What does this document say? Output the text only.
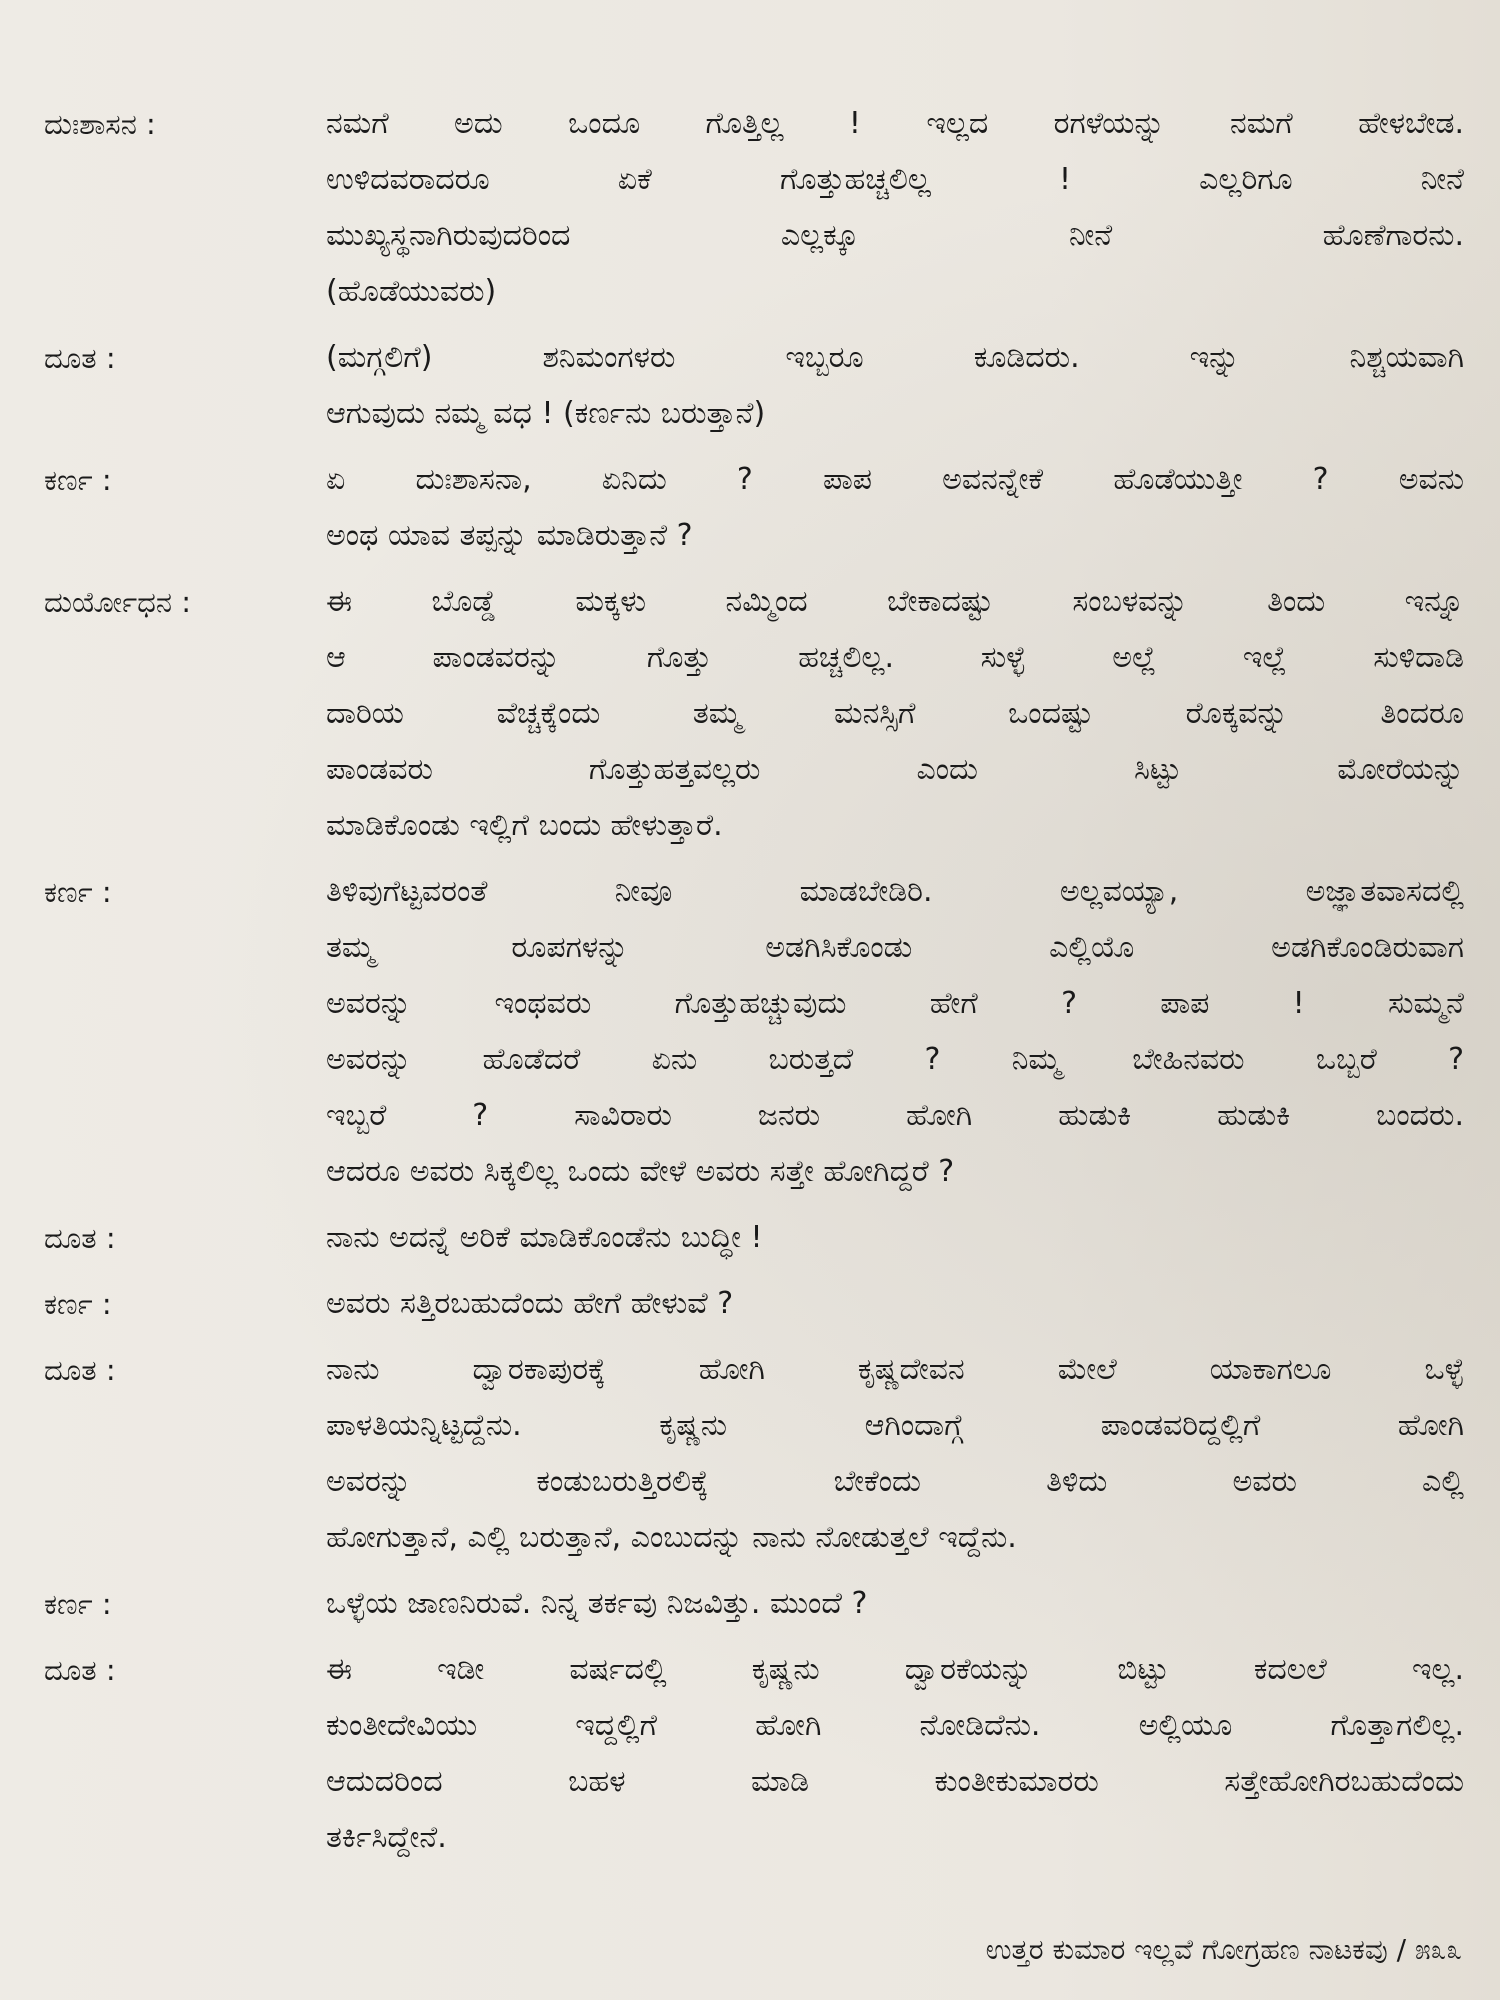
ದುಃಶಾಸನ :	ನಮಗೆ ಅದು ಒಂದೂ ಗೊತ್ತಿಲ್ಲ ! ಇಲ್ಲದ ರಗಳೆಯನ್ನು ನಮಗೆ ಹೇಳಬೇಡ.
ಉಳಿದವರಾದರೂ ಏಕೆ ಗೊತ್ತುಹಚ್ಚಲಿಲ್ಲ ! ಎಲ್ಲರಿಗೂ ನೀನೆ
ಮುಖ್ಯಸ್ಥನಾಗಿರುವುದರಿಂದ ಎಲ್ಲಕ್ಕೂ ನೀನೆ ಹೊಣೆಗಾರನು.
(ಹೊಡೆಯುವರು)
ದೂತ :	(ಮಗ್ಗಲಿಗೆ) ಶನಿಮಂಗಳರು ಇಬ್ಬರೂ ಕೂಡಿದರು. ಇನ್ನು ನಿಶ್ಚಯವಾಗಿ
ಆಗುವುದು ನಮ್ಮ ವಧ ! (ಕರ್ಣನು ಬರುತ್ತಾನೆ)
ಕರ್ಣ :	ಏ ದುಃಶಾಸನಾ, ಏನಿದು ? ಪಾಪ ಅವನನ್ನೇಕೆ ಹೊಡೆಯುತ್ತೀ ? ಅವನು
ಅಂಥ ಯಾವ ತಪ್ಪನ್ನು ಮಾಡಿರುತ್ತಾನೆ ?
ದುರ್ಯೋಧನ :	ಈ ಬೊಡ್ಡೆ ಮಕ್ಕಳು ನಮ್ಮಿಂದ ಬೇಕಾದಷ್ಟು ಸಂಬಳವನ್ನು ತಿಂದು ಇನ್ನೂ
ಆ ಪಾಂಡವರನ್ನು ಗೊತ್ತು ಹಚ್ಚಲಿಲ್ಲ. ಸುಳ್ಳೆ ಅಲ್ಲೆ ಇಲ್ಲೆ ಸುಳಿದಾಡಿ
ದಾರಿಯ ವೆಚ್ಚಕ್ಕೆಂದು ತಮ್ಮ ಮನಸ್ಸಿಗೆ ಒಂದಷ್ಟು ರೊಕ್ಕವನ್ನು ತಿಂದರೂ
ಪಾಂಡವರು ಗೊತ್ತುಹತ್ತವಲ್ಲರು ಎಂದು ಸಿಟ್ಟು ಮೋರೆಯನ್ನು
ಮಾಡಿಕೊಂಡು ಇಲ್ಲಿಗೆ ಬಂದು ಹೇಳುತ್ತಾರೆ.
ಕರ್ಣ :	ತಿಳಿವುಗೆಟ್ಟವರಂತೆ ನೀವೂ ಮಾಡಬೇಡಿರಿ. ಅಲ್ಲವಯ್ಯಾ, ಅಜ್ಞಾತವಾಸದಲ್ಲಿ
ತಮ್ಮ ರೂಪಗಳನ್ನು ಅಡಗಿಸಿಕೊಂಡು ಎಲ್ಲಿಯೊ ಅಡಗಿಕೊಂಡಿರುವಾಗ
ಅವರನ್ನು ಇಂಥವರು ಗೊತ್ತುಹಚ್ಚುವುದು ಹೇಗೆ ? ಪಾಪ ! ಸುಮ್ಮನೆ
ಅವರನ್ನು ಹೊಡೆದರೆ ಏನು ಬರುತ್ತದೆ ? ನಿಮ್ಮ ಬೇಹಿನವರು ಒಬ್ಬರೆ ?
ಇಬ್ಬರೆ ? ಸಾವಿರಾರು ಜನರು ಹೋಗಿ ಹುಡುಕಿ ಹುಡುಕಿ ಬಂದರು.
ಆದರೂ ಅವರು ಸಿಕ್ಕಲಿಲ್ಲ ಒಂದು ವೇಳೆ ಅವರು ಸತ್ತೇ ಹೋಗಿದ್ದರೆ ?
ದೂತ :	ನಾನು ಅದನ್ನೆ ಅರಿಕೆ ಮಾಡಿಕೊಂಡೆನು ಬುದ್ಧೀ !
ಕರ್ಣ :	ಅವರು ಸತ್ತಿರಬಹುದೆಂದು ಹೇಗೆ ಹೇಳುವೆ ?
ದೂತ :	ನಾನು ದ್ವಾರಕಾಪುರಕ್ಕೆ ಹೋಗಿ ಕೃಷ್ಣದೇವನ ಮೇಲೆ ಯಾಕಾಗಲೂ ಒಳ್ಳೆ
ಪಾಳತಿಯನ್ನಿಟ್ಟದ್ದೆನು. ಕೃಷ್ಣನು ಆಗಿಂದಾಗ್ಗೆ ಪಾಂಡವರಿದ್ದಲ್ಲಿಗೆ ಹೋಗಿ
ಅವರನ್ನು ಕಂಡುಬರುತ್ತಿರಲಿಕ್ಕೆ ಬೇಕೆಂದು ತಿಳಿದು ಅವರು ಎಲ್ಲಿ
ಹೋಗುತ್ತಾನೆ, ಎಲ್ಲಿ ಬರುತ್ತಾನೆ, ಎಂಬುದನ್ನು ನಾನು ನೋಡುತ್ತಲೆ ಇದ್ದೆನು.
ಕರ್ಣ :	ಒಳ್ಳೆಯ ಜಾಣನಿರುವೆ. ನಿನ್ನ ತರ್ಕವು ನಿಜವಿತ್ತು. ಮುಂದೆ ?
ದೂತ :	ಈ ಇಡೀ ವರ್ಷದಲ್ಲಿ ಕೃಷ್ಣನು ದ್ವಾರಕೆಯನ್ನು ಬಿಟ್ಟು ಕದಲಲೆ ಇಲ್ಲ.
ಕುಂತೀದೇವಿಯು ಇದ್ದಲ್ಲಿಗೆ ಹೋಗಿ ನೋಡಿದೆನು. ಅಲ್ಲಿಯೂ ಗೊತ್ತಾಗಲಿಲ್ಲ.
ಆದುದರಿಂದ ಬಹಳ ಮಾಡಿ ಕುಂತೀಕುಮಾರರು ಸತ್ತೇಹೋಗಿರಬಹುದೆಂದು
ತರ್ಕಿಸಿದ್ದೇನೆ.
ಉತ್ತರ ಕುಮಾರ ಇಲ್ಲವೆ ಗೋಗ್ರಹಣ ನಾಟಕವು / ೫೩೩
